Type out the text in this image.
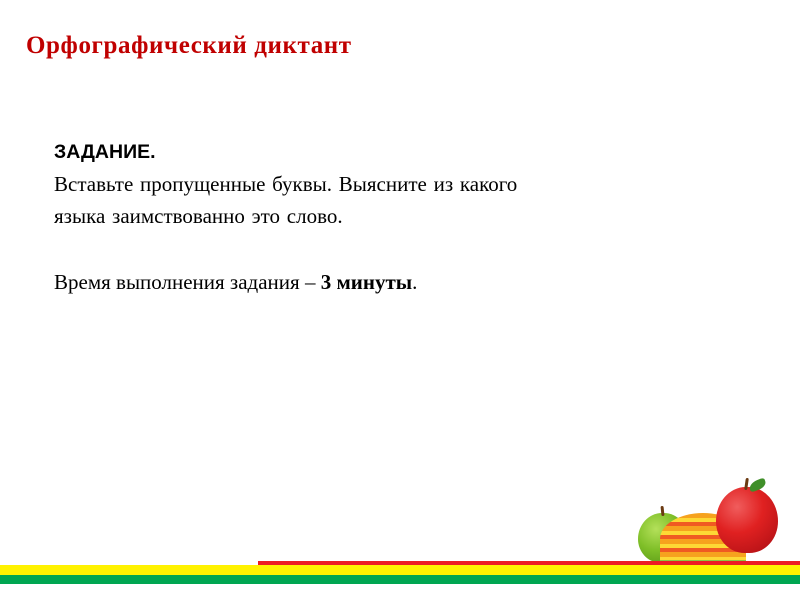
Орфографический диктант

ЗАДАНИЕ.

Вставьте пропущенные буквы. Выясните из какого

языка заимствованно это слово.

Время выполнения задания – 3 минуты.
